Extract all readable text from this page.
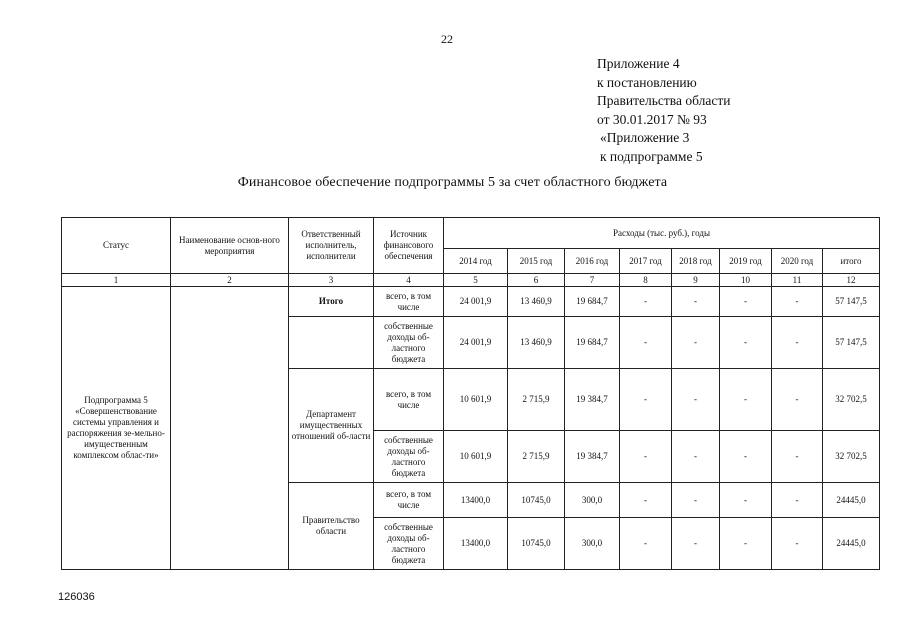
22
Приложение 4
к постановлению
Правительства области
от 30.01.2017 № 93
«Приложение 3
к подпрограмме 5
Финансовое обеспечение подпрограммы 5 за счет областного бюджета
Статус	Наименование основ-ного мероприятия	Ответственный исполнитель, исполнители	Источник финансового обеспечения	Расходы (тыс. руб.), годы							
				2014 год	2015 год	2016 год	2017 год	2018 год	2019 год	2020 год	итого
1	2	3	4	5	6	7	8	9	10	11	12
Подпрограмма 5 «Совершенствование системы управления и распоряжения зе-мельно-имущественным комплексом облас-ти»		Итого	всего, в том числе	24 001,9	13 460,9	19 684,7	-	-	-	-	57 147,5
			собственные доходы об-ластного бюджета	24 001,9	13 460,9	19 684,7	-	-	-	-	57 147,5
		Департамент имущественных отношений об-ласти	всего, в том числе	10 601,9	2 715,9	19 384,7	-	-	-	-	32 702,5
			собственные доходы об-ластного бюджета	10 601,9	2 715,9	19 384,7	-	-	-	-	32 702,5
		Правительство области	всего, в том числе	13400,0	10745,0	300,0	-	-	-	-	24445,0
			собственные доходы об-ластного бюджета	13400,0	10745,0	300,0	-	-	-	-	24445,0
126036
